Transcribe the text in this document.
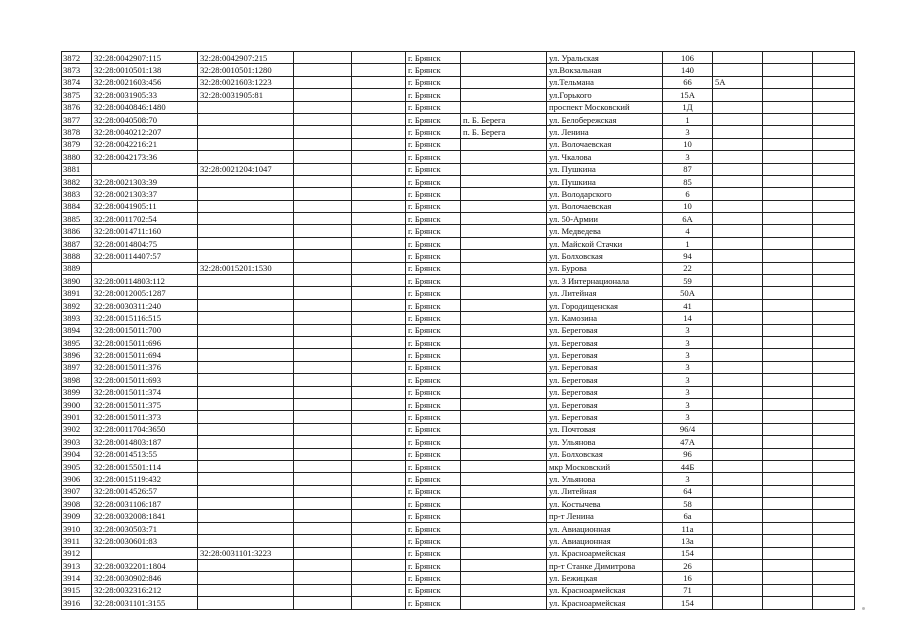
3872	32:28:0042907:115	32:28:0042907:215			г. Брянск		ул. Уральская	106			
3873	32:28:0010501:138	32:28:0010501:1280			г. Брянск		ул.Вокзальная	140			
3874	32:28:0021603:456	32:28:0021603:1223			г. Брянск		ул.Тельмана	66	5А		
3875	32:28:0031905:33	32:28:0031905:81			г. Брянск		ул.Горького	15А			
3876	32:28:0040846:1480				г. Брянск		проспект Московский	1Д			
3877	32:28:0040508:70				г. Брянск	п. Б. Берега	ул. Белобережская	1			
3878	32:28:0040212:207				г. Брянск	п. Б. Берега	ул. Ленина	3			
3879	32:28:0042216:21				г. Брянск		ул. Волочаевская	10			
3880	32:28:0042173:36				г. Брянск		ул. Чкалова	3			
3881		32:28:0021204:1047			г. Брянск		ул. Пушкина	87			
3882	32:28:0021303:39				г. Брянск		ул. Пушкина	85			
3883	32:28:0021303:37				г. Брянск		ул. Володарского	6			
3884	32:28:0041905:11				г. Брянск		ул. Волочаевская	10			
3885	32:28:0011702:54				г. Брянск		ул. 50-Армии	6А			
3886	32:28:0014711:160				г. Брянск		ул. Медведева	4			
3887	32:28:0014804:75				г. Брянск		ул. Майской Стачки	1			
3888	32:28:00114407:57				г. Брянск		ул. Болховская	94			
3889		32:28:0015201:1530			г. Брянск		ул. Бурова	22			
3890	32:28:00114803:112				г. Брянск		ул. 3 Интернационала	59			
3891	32:28:0012005:1287				г. Брянск		ул. Литейная	50А			
3892	32:28:0030311:240				г. Брянск		ул. Городищенская	41			
3893	32:28:0015116:515				г. Брянск		ул. Камозина	14			
3894	32:28:0015011:700				г. Брянск		ул. Береговая	3			
3895	32:28:0015011:696				г. Брянск		ул. Береговая	3			
3896	32:28:0015011:694				г. Брянск		ул. Береговая	3			
3897	32:28:0015011:376				г. Брянск		ул. Береговая	3			
3898	32:28:0015011:693				г. Брянск		ул. Береговая	3			
3899	32:28:0015011:374				г. Брянск		ул. Береговая	3			
3900	32:28:0015011:375				г. Брянск		ул. Береговая	3			
3901	32:28:0015011:373				г. Брянск		ул. Береговая	3			
3902	32:28:0011704:3650				г. Брянск		ул. Почтовая	96/4			
3903	32:28:0014803:187				г. Брянск		ул. Ульянова	47А			
3904	32:28:0014513:55				г. Брянск		ул. Болховская	96			
3905	32:28:0015501:114				г. Брянск		мкр Московский	44Б			
3906	32:28:0015119:432				г. Брянск		ул. Ульянова	3			
3907	32:28:0014526:57				г. Брянск		ул. Литейная	64			
3908	32:28:0031106:187				г. Брянск		ул. Костычева	58			
3909	32:28:0032008:1841				г. Брянск		пр-т Ленина	6а			
3910	32:28:0030503:71				г. Брянск		ул. Авиационная	11а			
3911	32:28:0030601:83				г. Брянск		ул. Авиационная	13а			
3912		32:28:0031101:3223			г. Брянск		ул. Красноармейская	154			
3913	32:28:0032201:1804				г. Брянск		пр-т Станке Димитрова	26			
3914	32:28:0030902:846				г. Брянск		ул. Бежицкая	16			
3915	32:28:0032316:212				г. Брянск		ул. Красноармейская	71			
3916	32:28:0031101:3155				г. Брянск		ул. Красноармейская	154			
